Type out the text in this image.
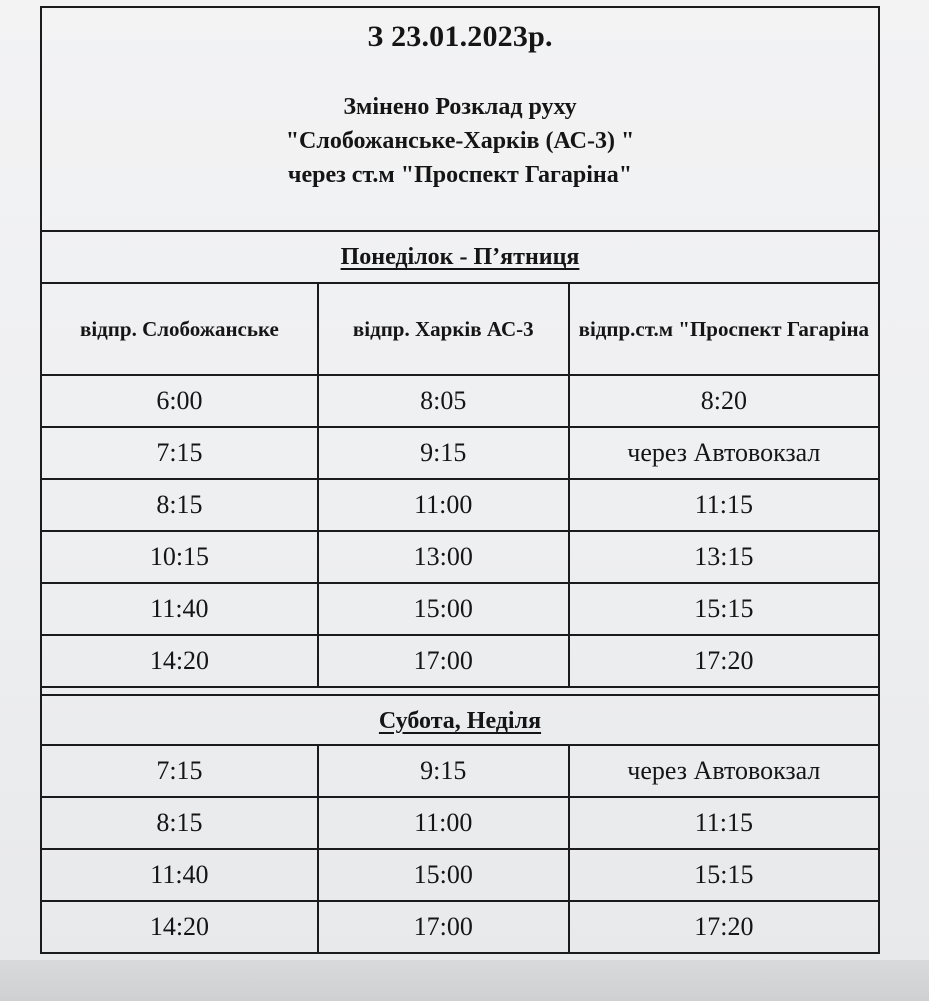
З 23.01.2023р.
Змінено Розклад руху
"Слобожанське-Харків (АС-3) "
через ст.м "Проспект Гагаріна"
Понеділок - П’ятниця
відпр. Слобожанське	відпр. Харків АС-3	відпр.ст.м "Проспект Гагаріна
6:00	8:05	8:20
7:15	9:15	через Автовокзал
8:15	11:00	11:15
10:15	13:00	13:15
11:40	15:00	15:15
14:20	17:00	17:20
Субота, Неділя
7:15	9:15	через Автовокзал
8:15	11:00	11:15
11:40	15:00	15:15
14:20	17:00	17:20
